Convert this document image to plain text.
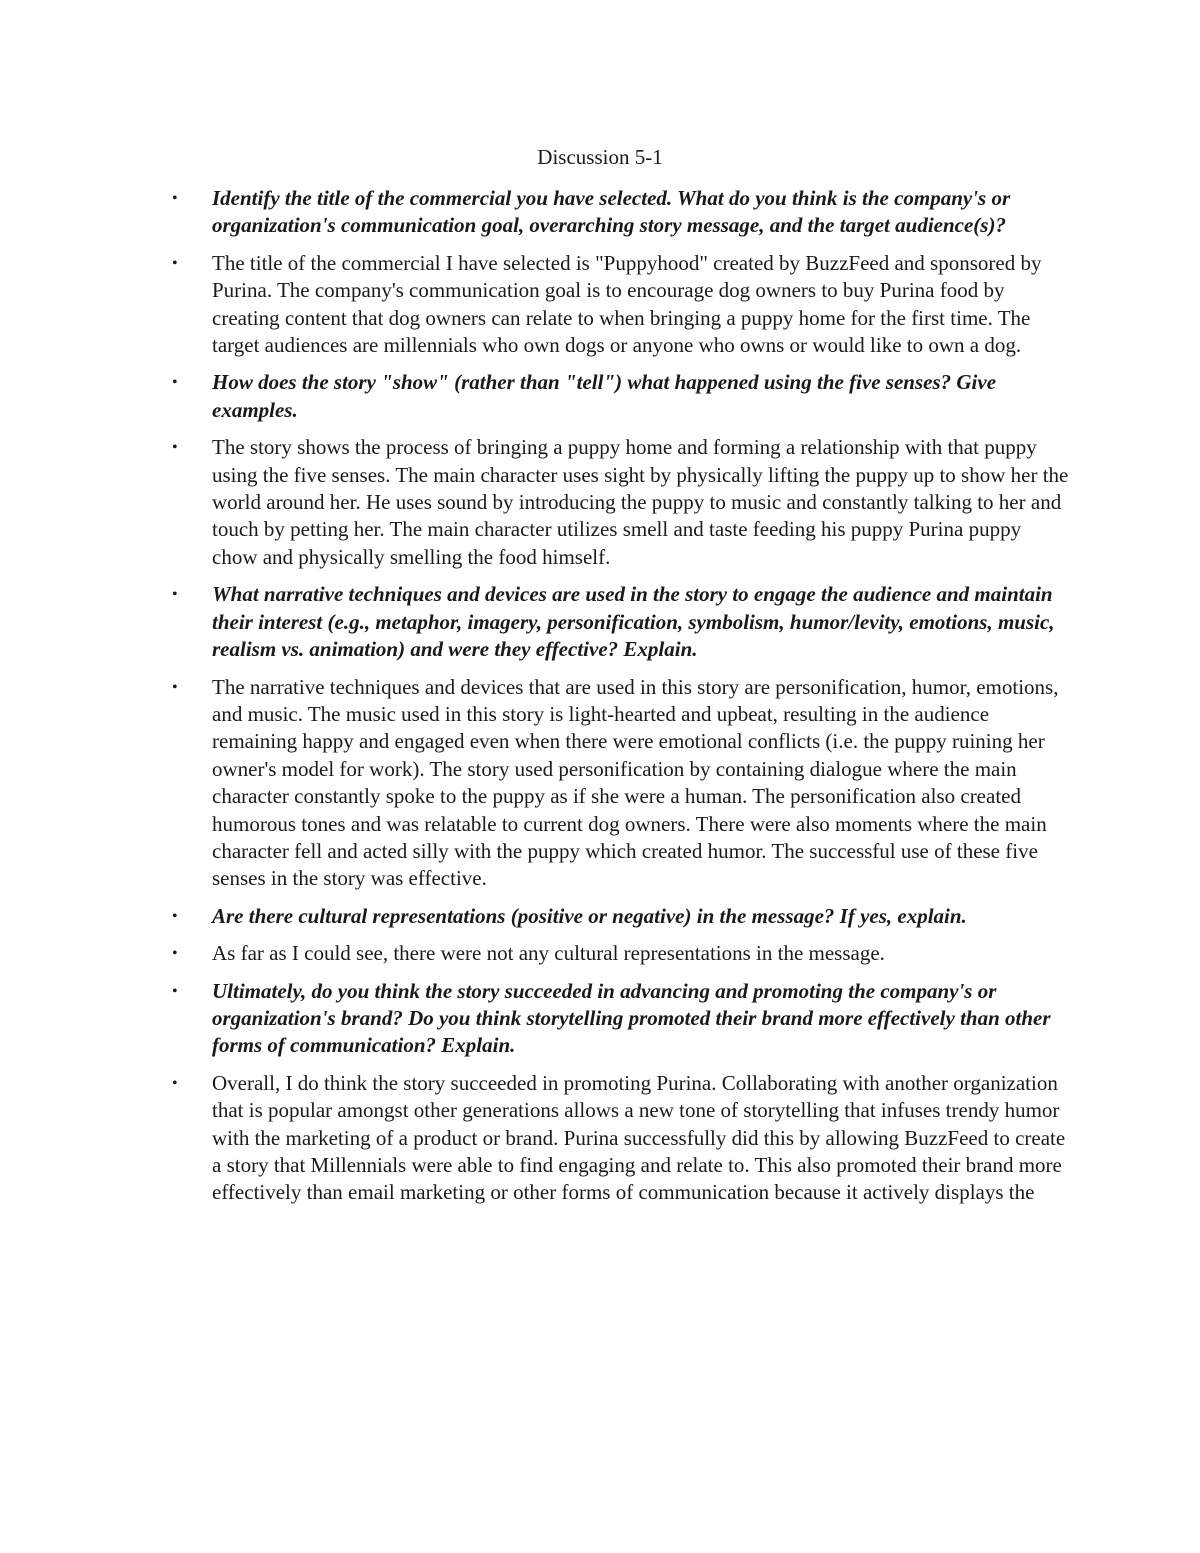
Discussion 5-1
• Identify the title of the commercial you have selected. What do you think is the company's or organization's communication goal, overarching story message, and the target audience(s)?
• The title of the commercial I have selected is "Puppyhood" created by BuzzFeed and sponsored by Purina. The company's communication goal is to encourage dog owners to buy Purina food by creating content that dog owners can relate to when bringing a puppy home for the first time. The target audiences are millennials who own dogs or anyone who owns or would like to own a dog.
• How does the story "show" (rather than "tell") what happened using the five senses? Give examples.
• The story shows the process of bringing a puppy home and forming a relationship with that puppy using the five senses. The main character uses sight by physically lifting the puppy up to show her the world around her. He uses sound by introducing the puppy to music and constantly talking to her and touch by petting her. The main character utilizes smell and taste feeding his puppy Purina puppy chow and physically smelling the food himself.
• What narrative techniques and devices are used in the story to engage the audience and maintain their interest (e.g., metaphor, imagery, personification, symbolism, humor/levity, emotions, music, realism vs. animation) and were they effective? Explain.
• The narrative techniques and devices that are used in this story are personification, humor, emotions, and music. The music used in this story is light-hearted and upbeat, resulting in the audience remaining happy and engaged even when there were emotional conflicts (i.e. the puppy ruining her owner's model for work). The story used personification by containing dialogue where the main character constantly spoke to the puppy as if she were a human. The personification also created humorous tones and was relatable to current dog owners. There were also moments where the main character fell and acted silly with the puppy which created humor. The successful use of these five senses in the story was effective.
• Are there cultural representations (positive or negative) in the message? If yes, explain.
• As far as I could see, there were not any cultural representations in the message.
• Ultimately, do you think the story succeeded in advancing and promoting the company's or organization's brand? Do you think storytelling promoted their brand more effectively than other forms of communication? Explain.
• Overall, I do think the story succeeded in promoting Purina. Collaborating with another organization that is popular amongst other generations allows a new tone of storytelling that infuses trendy humor with the marketing of a product or brand. Purina successfully did this by allowing BuzzFeed to create a story that Millennials were able to find engaging and relate to. This also promoted their brand more effectively than email marketing or other forms of communication because it actively displays the
